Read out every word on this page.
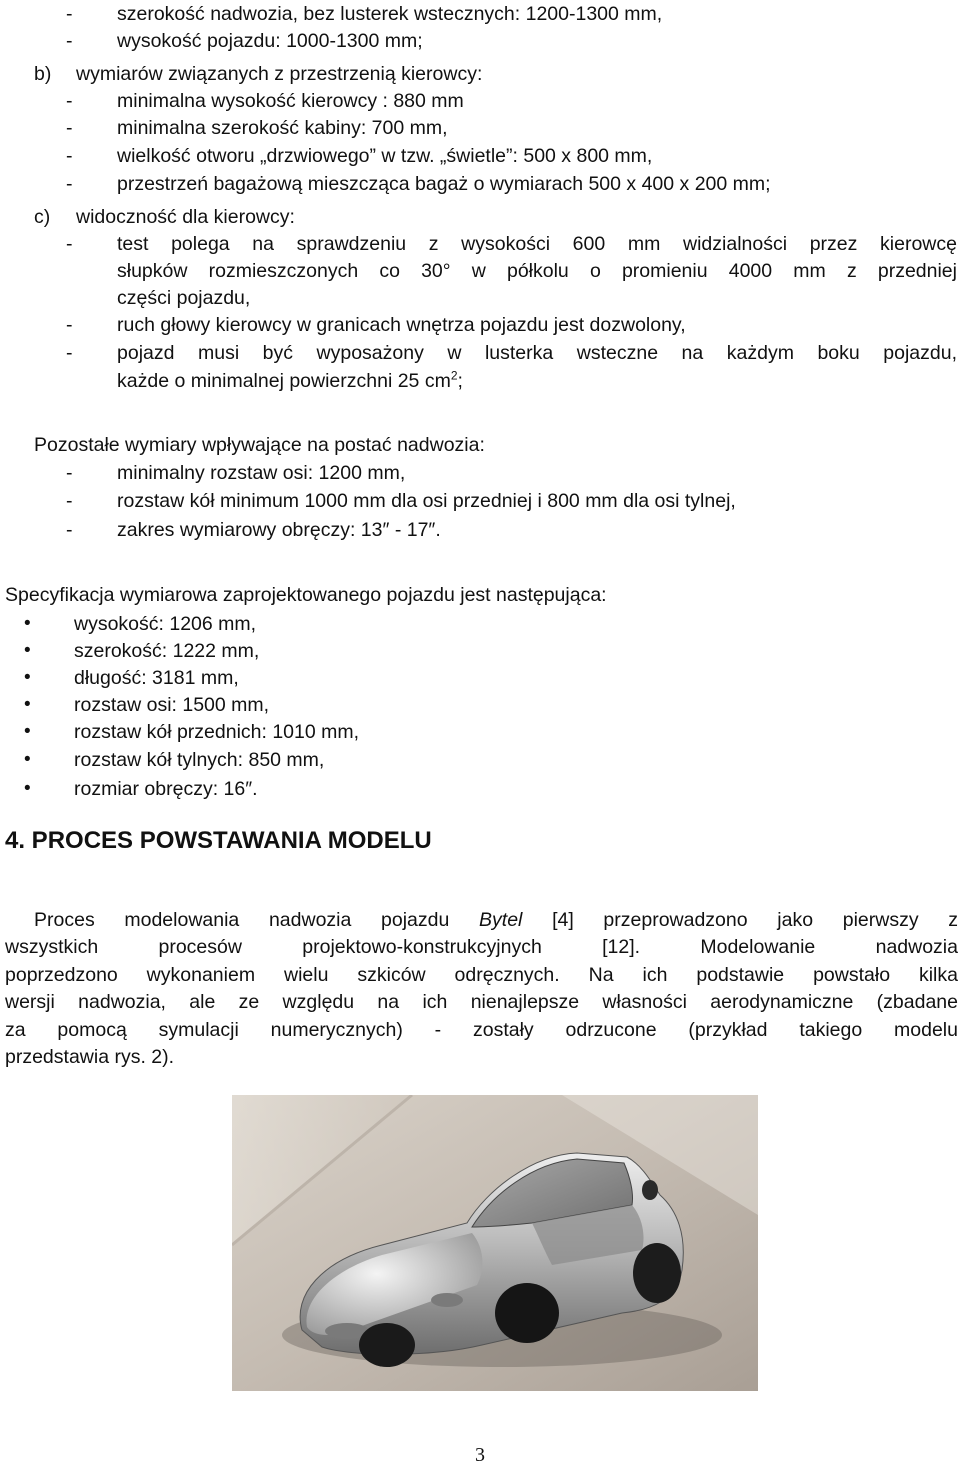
-	szerokość nadwozia, bez lusterek wstecznych: 1200-1300 mm,
-	wysokość pojazdu: 1000-1300 mm;
b) wymiarów związanych z przestrzenią kierowcy:
-	minimalna wysokość kierowcy : 880 mm
-	minimalna szerokość kabiny: 700 mm,
-	wielkość otworu „drzwiowego” w tzw. „świetle”: 500 x 800 mm,
-	przestrzeń bagażową mieszcząca bagaż o wymiarach 500 x 400 x 200 mm;
c) widoczność dla kierowcy:
-	test polega na sprawdzeniu z wysokości 600 mm widzialności przez kierowcę
słupków rozmieszczonych co 30° w półkolu o promieniu 4000 mm z przedniej
części pojazdu,
-	ruch głowy kierowcy w granicach wnętrza pojazdu jest dozwolony,
-	pojazd musi być wyposażony w lusterka wsteczne na każdym boku pojazdu,
każde o minimalnej powierzchni 25 $cm^2$;
Pozostałe wymiary wpływające na postać nadwozia:
-	minimalny rozstaw osi: 1200 mm,
-	rozstaw kół minimum 1000 mm dla osi przedniej i 800 mm dla osi tylnej,
-	zakres wymiarowy obręczy: 13″ - 17″.
Specyfikacja wymiarowa zaprojektowanego pojazdu jest następująca:
• wysokość: 1206 mm,
• szerokość: 1222 mm,
• długość: 3181 mm,
• rozstaw osi: 1500 mm,
• rozstaw kół przednich: 1010 mm,
• rozstaw kół tylnych: 850 mm,
• rozmiar obręczy: 16″.
4. PROCES POWSTAWANIA MODELU
Proces modelowania nadwozia pojazdu Bytel [4] przeprowadzono jako pierwszy z
wszystkich procesów projektowo-konstrukcyjnych [12]. Modelowanie nadwozia
poprzedzono wykonaniem wielu szkiców odręcznych. Na ich podstawie powstało kilka
wersji nadwozia, ale ze względu na ich nienajlepsze własności aerodynamiczne (zbadane
za pomocą symulacji numerycznych) - zostały odrzucone (przykład takiego modelu
przedstawia rys. 2).
3
